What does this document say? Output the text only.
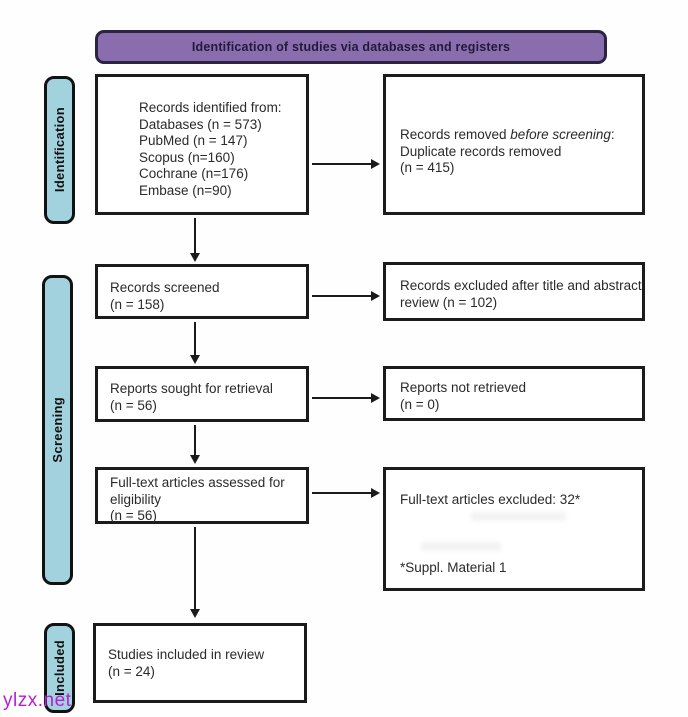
Identification of studies via databases and registers
Identification
Screening
Included
Records identified from:
Databases (n = 573)
PubMed (n = 147)
Scopus (n=160)
Cochrane (n=176)
Embase (n=90)
Records removed before screening:
Duplicate records removed
(n = 415)
Records screened
(n = 158)
Records excluded after title and abstract
review (n = 102)
Reports sought for retrieval
(n = 56)
Reports not retrieved
(n = 0)
Full-text articles assessed for
eligibility
(n = 56)
Full-text articles excluded: 32*
*Suppl. Material 1
Studies included in review
(n = 24)
ylzx.net
